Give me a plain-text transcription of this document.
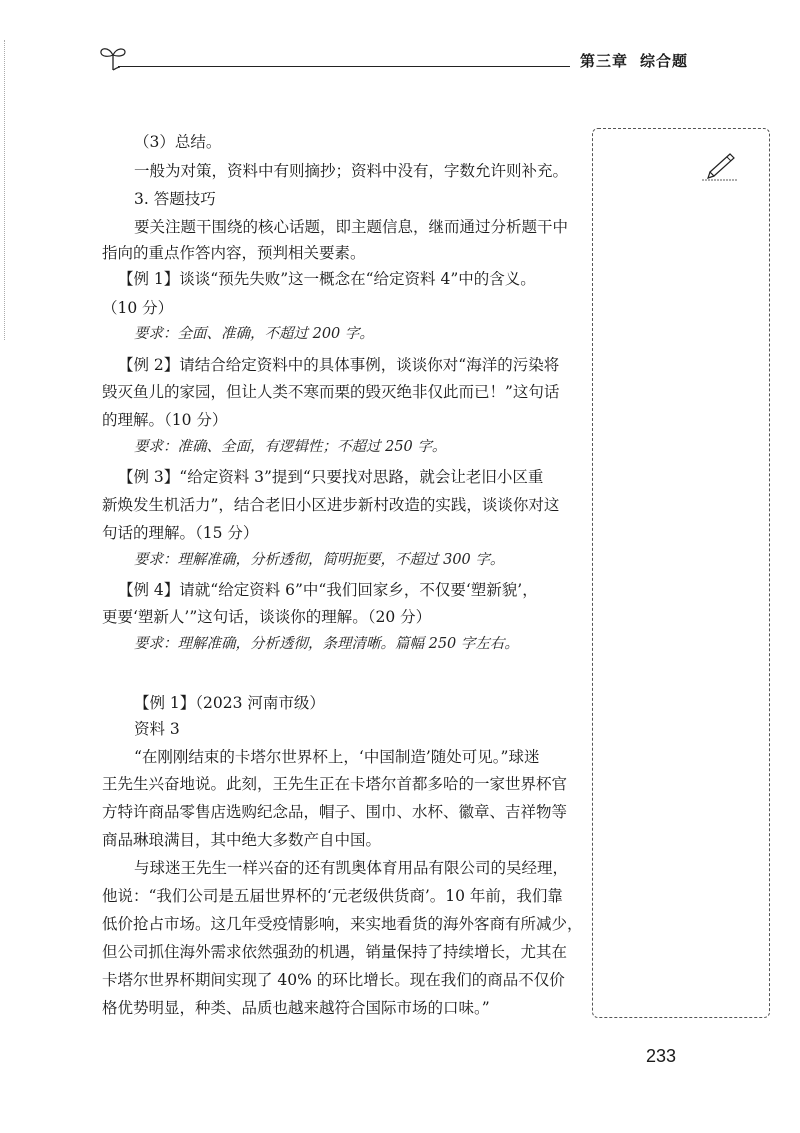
第三章 综合题
（3）总结。
一般为对策，资料中有则摘抄；资料中没有，字数允许则补充。
3. 答题技巧
要关注题干围绕的核心话题，即主题信息，继而通过分析题干中
指向的重点作答内容，预判相关要素。
【例 1】谈谈“预先失败”这一概念在“给定资料 4”中的含义。
（10 分）
要求：全面、准确，不超过 200 字。
【例 2】请结合给定资料中的具体事例，谈谈你对“海洋的污染将
毁灭鱼儿的家园，但让人类不寒而栗的毁灭绝非仅此而已！”这句话
的理解。（10 分）
要求：准确、全面，有逻辑性；不超过 250 字。
【例 3】“给定资料 3”提到“只要找对思路，就会让老旧小区重
新焕发生机活力”，结合老旧小区进步新村改造的实践，谈谈你对这
句话的理解。（15 分）
要求：理解准确，分析透彻，简明扼要，不超过 300 字。
【例 4】请就“给定资料 6”中“我们回家乡，不仅要‘塑新貌’，
更要‘塑新人’”这句话，谈谈你的理解。（20 分）
要求：理解准确，分析透彻，条理清晰。篇幅 250 字左右。
【例 1】（2023 河南市级）
资料 3
“在刚刚结束的卡塔尔世界杯上，‘中国制造’随处可见。”球迷
王先生兴奋地说。此刻，王先生正在卡塔尔首都多哈的一家世界杯官
方特许商品零售店选购纪念品，帽子、围巾、水杯、徽章、吉祥物等
商品琳琅满目，其中绝大多数产自中国。
与球迷王先生一样兴奋的还有凯奥体育用品有限公司的吴经理，
他说：“我们公司是五届世界杯的‘元老级供货商’。10 年前，我们靠
低价抢占市场。这几年受疫情影响，来实地看货的海外客商有所减少，
但公司抓住海外需求依然强劲的机遇，销量保持了持续增长，尤其在
卡塔尔世界杯期间实现了 40% 的环比增长。现在我们的商品不仅价
格优势明显，种类、品质也越来越符合国际市场的口味。”
233
